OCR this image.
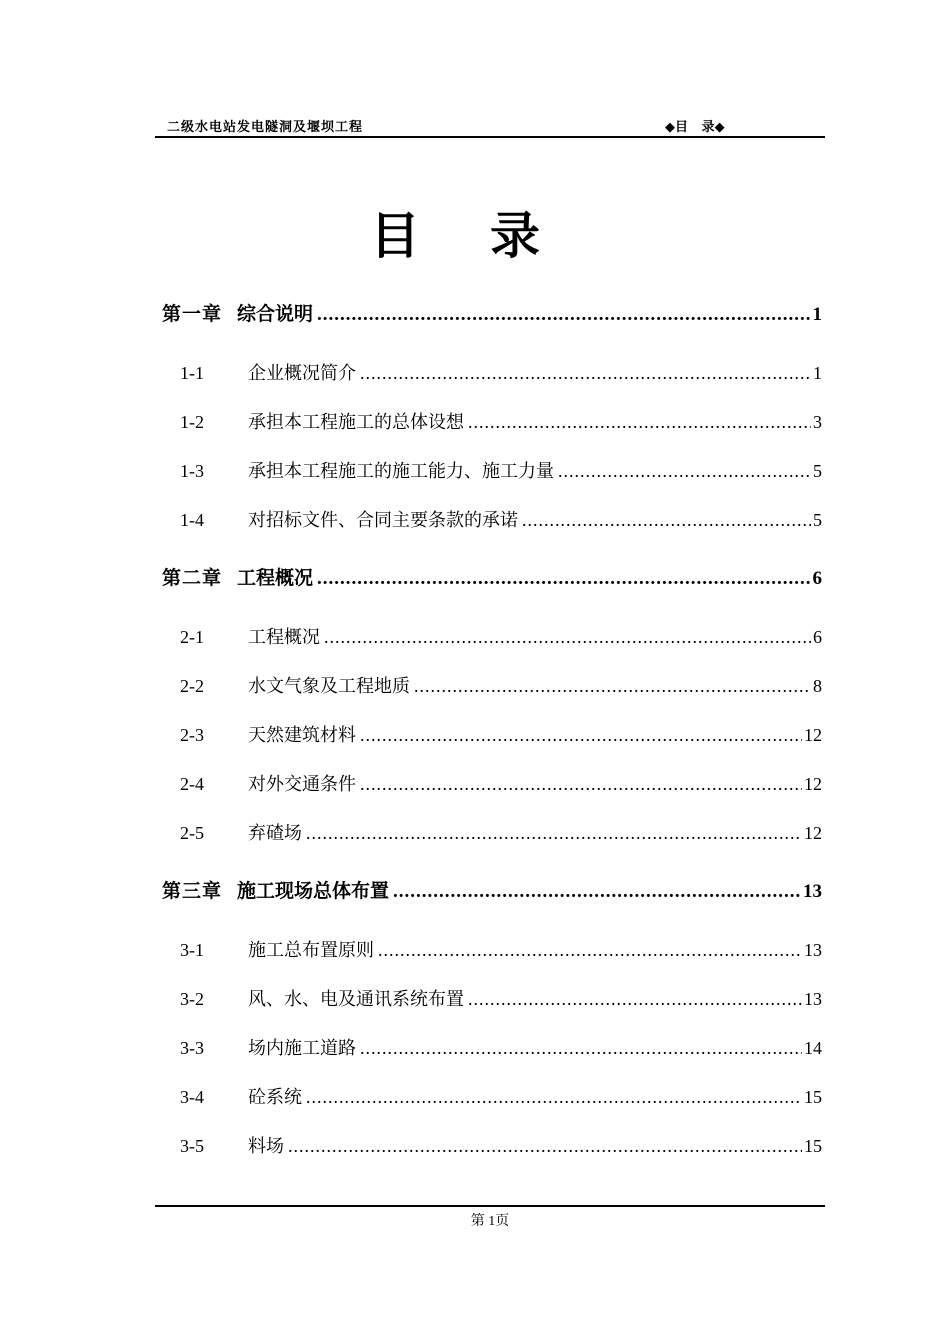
二级水电站发电隧洞及堰坝工程	◆目   录◆
目录
第一章 综合说明 .....	1
1-1	企业概况简介 .....	1
1-2	承担本工程施工的总体设想 .....	3
1-3	承担本工程施工的施工能力、施工力量 .....	5
1-4	对招标文件、合同主要条款的承诺 .....	5
第二章 工程概况 .....	6
2-1	工程概况 .....	6
2-2	水文气象及工程地质 .....	8
2-3	天然建筑材料 .....	12
2-4	对外交通条件 .....	12
2-5	弃碴场 .....	12
第三章 施工现场总体布置 .....	13
3-1	施工总布置原则 .....	13
3-2	风、水、电及通讯系统布置 .....	13
3-3	场内施工道路 .....	14
3-4	砼系统 .....	15
3-5	料场 .....	15
第 1页
